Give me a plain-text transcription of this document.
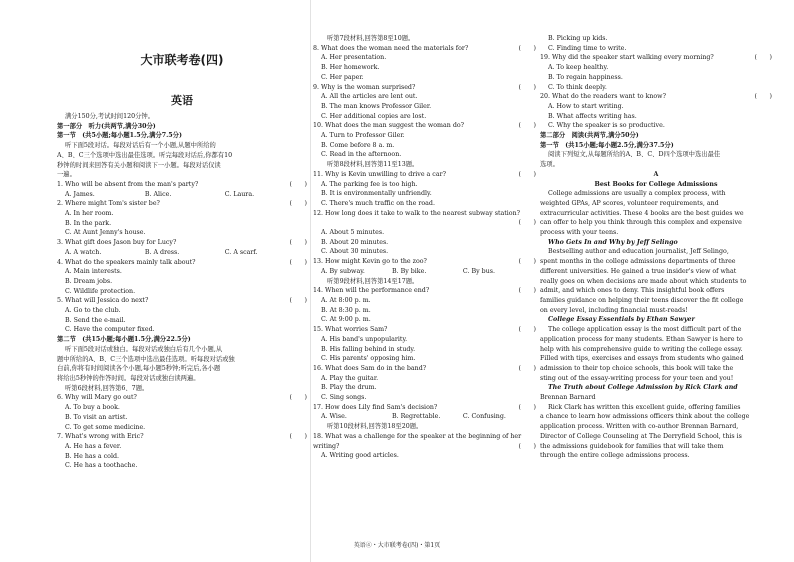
大市联考卷(四)
英语
满分150分,考试时间120分钟。
第一部分　听力(共两节,满分30分)
第一节　(共5小题;每小题1.5分,满分7.5分)
听下面5段对话。每段对话后有一个小题,从题中所给的
A、B、C三个选项中选出最佳选项。听完每段对话后,你都有10
秒钟的时间来回答有关小题和阅读下一小题。每段对话仅读
一遍。
1. Who will be absent from the man's party?	(　　)
A. James.	B. Alice.	C. Laura.
2. Where might Tom's sister be?	(　　)
A. In her room.
B. In the park.
C. At Aunt Jenny's house.
3. What gift does Jason buy for Lucy?	(　　)
A. A watch.	B. A dress.	C. A scarf.
4. What do the speakers mainly talk about?	(　　)
A. Main interests.
B. Dream jobs.
C. Wildlife protection.
5. What will Jessica do next?	(　　)
A. Go to the club.
B. Send the e-mail.
C. Have the computer fixed.
第二节　(共15小题;每小题1.5分,满分22.5分)
听下面5段对话或独白。每段对话或独白后有几个小题,从
题中所给的A、B、C三个选项中选出最佳选项。听每段对话或独
白前,你将有时间阅读各个小题,每小题5秒钟;听完后,各小题
将给出5秒钟的作答时间。每段对话或独白读两遍。
听第6段材料,回答第6、7题。
6. Why will Mary go out?	(　　)
A. To buy a book.
B. To visit an artist.
C. To get some medicine.
7. What's wrong with Eric?	(　　)
A. He has a fever.
B. He has a cold.
C. He has a toothache.
听第7段材料,回答第8至10题。
8. What does the woman need the materials for?	(　　)
A. Her presentation.
B. Her homework.
C. Her paper.
9. Why is the woman surprised?	(　　)
A. All the articles are lent out.
B. The man knows Professor Giler.
C. Her additional copies are lost.
10. What does the man suggest the woman do?	(　　)
A. Turn to Professor Giler.
B. Come before 8 a. m.
C. Read in the afternoon.
听第8段材料,回答第11至13题。
11. Why is Kevin unwilling to drive a car?	(　　)
A. The parking fee is too high.
B. It is environmentally unfriendly.
C. There's much traffic on the road.
12. How long does it take to walk to the nearest subway station?
(　　)
A. About 5 minutes.
B. About 20 minutes.
C. About 30 minutes.
13. How might Kevin go to the zoo?	(　　)
A. By subway.	B. By bike.	C. By bus.
听第9段材料,回答第14至17题。
14. When will the performance end?	(　　)
A. At 8:00 p. m.
B. At 8:30 p. m.
C. At 9:00 p. m.
15. What worries Sam?	(　　)
A. His band's unpopularity.
B. His falling behind in study.
C. His parents' opposing him.
16. What does Sam do in the band?	(　　)
A. Play the guitar.
B. Play the drum.
C. Sing songs.
17. How does Lily find Sam's decision?	(　　)
A. Wise.	B. Regrettable.	C. Confusing.
听第10段材料,回答第18至20题。
18. What was a challenge for the speaker at the beginning of her
writing?	(　　)
A. Writing good articles.
B. Picking up kids.
C. Finding time to write.
19. Why did the speaker start walking every morning?	(　　)
A. To keep healthy.
B. To regain happiness.
C. To think deeply.
20. What do the readers want to know?	(　　)
A. How to start writing.
B. What affects writing has.
C. Why the speaker is so productive.
第二部分　阅读(共两节,满分50分)
第一节　(共15小题;每小题2.5分,满分37.5分)
阅读下列短文,从每题所给的A、B、C、D四个选项中选出最佳
选项。
A
Best Books for College Admissions
College admissions are usually a complex process, with
weighted GPAs, AP scores, volunteer requirements, and
extracurricular activities. These 4 books are the best guides we
can offer to help you think through this complex and expensive
process with your teens.
Who Gets In and Why by Jeff Selingo
Bestselling author and education journalist, Jeff Selingo,
spent months in the college admissions departments of three
different universities. He gained a true insider's view of what
really goes on when decisions are made about which students to
admit, and which ones to deny. This insightful book offers
families guidance on helping their teens discover the fit college
on every level, including financial must-reads!
College Essay Essentials by Ethan Sawyer
The college application essay is the most difficult part of the
application process for many students. Ethan Sawyer is here to
help with his comprehensive guide to writing the college essay.
Filled with tips, exercises and essays from students who gained
admission to their top choice schools, this book will take the
sting out of the essay-writing process for your teen and you!
The Truth about College Admission by Rick Clark and
Brennan Barnard
Rick Clark has written this excellent guide, offering families
a chance to learn how admissions officers think about the college
application process. Written with co-author Brennan Barnard,
Director of College Counseling at The Derryfield School, this is
the admissions guidebook for families that will take them
through the entire college admissions process.
英语④・大市联考卷(四)・第1页
